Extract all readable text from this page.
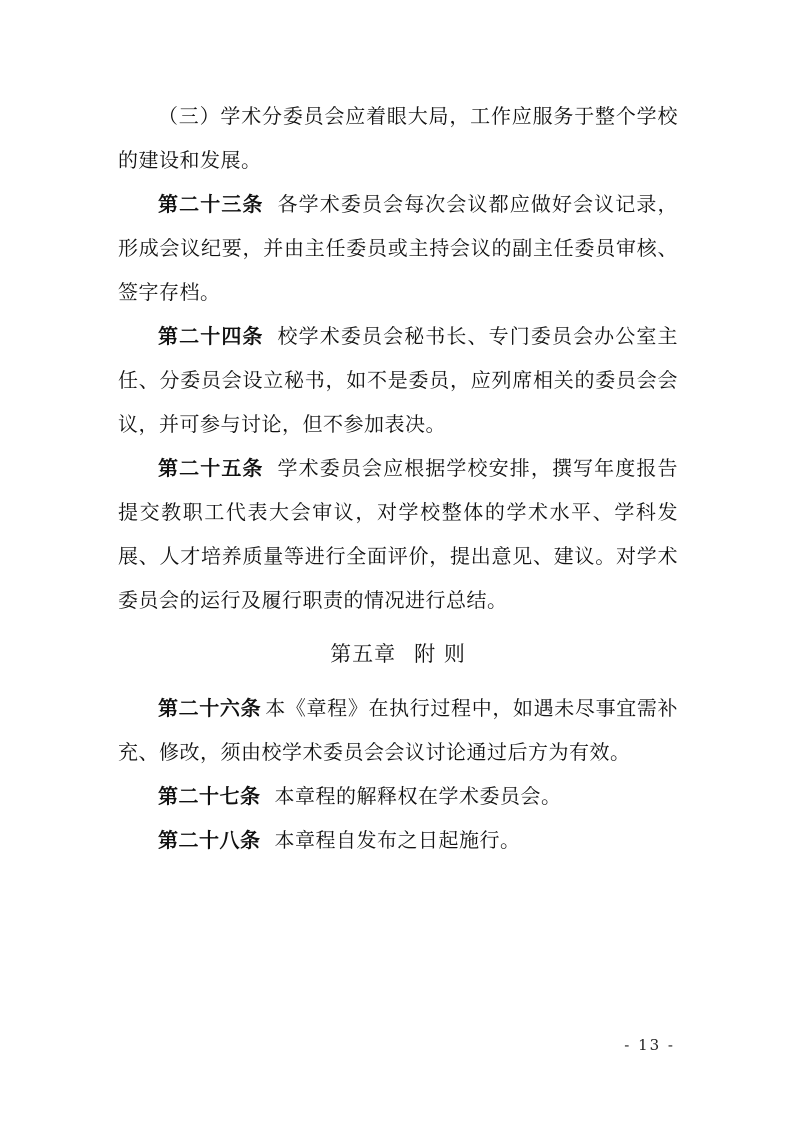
（三）学术分委员会应着眼大局，工作应服务于整个学校的建设和发展。

第二十三条 各学术委员会每次会议都应做好会议记录，形成会议纪要，并由主任委员或主持会议的副主任委员审核、签字存档。

第二十四条 校学术委员会秘书长、专门委员会办公室主任、分委员会设立秘书，如不是委员，应列席相关的委员会会议，并可参与讨论，但不参加表决。

第二十五条 学术委员会应根据学校安排，撰写年度报告提交教职工代表大会审议，对学校整体的学术水平、学科发展、人才培养质量等进行全面评价，提出意见、建议。对学术委员会的运行及履行职责的情况进行总结。

第五章 附 则

第二十六条 本《章程》在执行过程中，如遇未尽事宜需补充、修改，须由校学术委员会会议讨论通过后方为有效。

第二十七条 本章程的解释权在学术委员会。

第二十八条 本章程自发布之日起施行。

- 13 -
